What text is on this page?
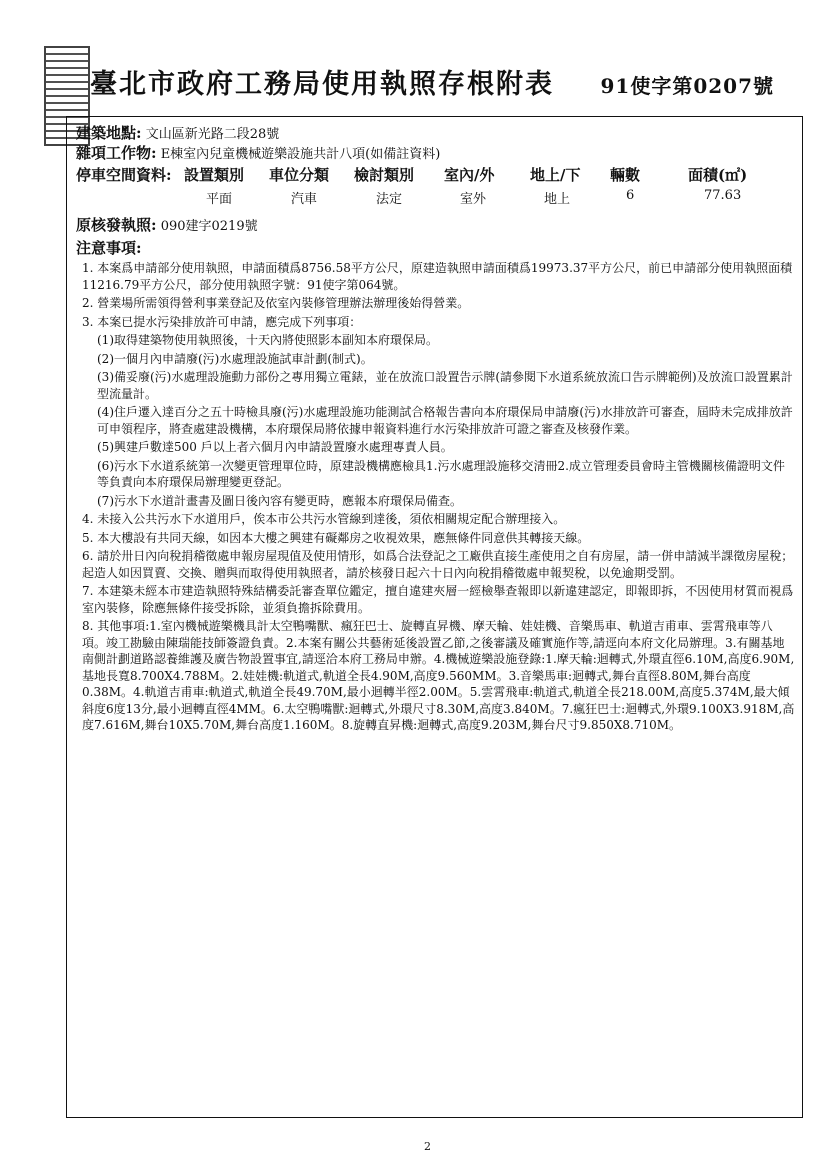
臺北市政府工務局使用執照存根附表 91使字第0207號
建築地點: 文山區新光路二段28號
雜項工作物: E棟室內兒童機械遊樂設施共計八項(如備註資料)
停車空間資料: 設置類別 車位分類 檢討類別 室內/外 地上/下 輛數	面積(㎡)
平面	汽車	法定	室外	地上	6	77.63
原核發執照: 090建字0219號
注意事項:
1. 本案爲申請部分使用執照，申請面積爲8756.58平方公尺，原建造執照申請面積爲19973.37平方公尺，前已申請部分使用執照面積11216.79平方公尺，部分使用執照字號：91使字第064號。
2. 營業場所需領得營利事業登記及依室內裝修管理辦法辦理後始得營業。
3. 本案已提水污染排放許可申請，應完成下列事項：
(1)取得建築物使用執照後，十天內將使照影本副知本府環保局。
(2)一個月內申請廢(污)水處理設施試車計劃(制式)。
(3)備妥廢(污)水處理設施動力部份之專用獨立電錶，並在放流口設置告示牌(請參閱下水道系統放流口告示牌範例)及放流口設置累計型流量計。
(4)住戶遷入達百分之五十時檢具廢(污)水處理設施功能測試合格報告書向本府環保局申請廢(污)水排放許可審查，屆時未完成排放許可申領程序，將查處建設機構，本府環保局將依據申報資料進行水污染排放許可證之審查及核發作業。
(5)興建戶數達500 戶以上者六個月內申請設置廢水處理專責人員。
(6)污水下水道系統第一次變更管理單位時，原建設機構應檢具1.污水處理設施移交清冊2.成立管理委員會時主管機關核備證明文件等負責向本府環保局辦理變更登記。
(7)污水下水道計畫書及圖日後內容有變更時，應報本府環保局備查。
4. 未接入公共污水下水道用戶，俟本市公共污水管線到達後，須依相關規定配合辦理接入。
5. 本大樓設有共同天線，如因本大樓之興建有礙鄰房之收視效果，應無條件同意供其轉接天線。
6. 請於卅日內向稅捐稽徵處申報房屋現值及使用情形，如爲合法登記之工廠供直接生產使用之自有房屋，請一併申請減半課徵房屋稅；起造人如因買賣、交換、贈與而取得使用執照者，請於核發日起六十日內向稅捐稽徵處申報契稅，以免逾期受罰。
7. 本建築未經本市建造執照特殊結構委託審查單位鑑定，擅自違建夾層一經檢舉查報即以新違建認定，即報即拆，不因使用材質而視爲室內裝修，除應無條件接受拆除，並須負擔拆除費用。
8. 其他事項:1.室內機械遊樂機具計太空鴨嘴獸、瘋狂巴士、旋轉直昇機、摩天輪、娃娃機、音樂馬車、軌道吉甫車、雲霄飛車等八項。竣工勘驗由陳瑞能技師簽證負責。2.本案有關公共藝術延後設置乙節,之後審議及確實施作等,請逕向本府文化局辦理。3.有關基地南側計劃道路認養維護及廣告物設置事宜,請逕洽本府工務局申辦。4.機械遊樂設施登錄:1.摩天輪:迴轉式,外環直徑6.10M,高度6.90M,基地長寬8.700X4.788M。2.娃娃機:軌道式,軌道全長4.90M,高度9.560MM。3.音樂馬車:迴轉式,舞台直徑8.80M,舞台高度0.38M。4.軌道吉甫車:軌道式,軌道全長49.70M,最小迴轉半徑2.00M。5.雲霄飛車:軌道式,軌道全長218.00M,高度5.374M,最大傾斜度6度13分,最小迴轉直徑4MM。6.太空鴨嘴獸:迴轉式,外環尺寸8.30M,高度3.840M。7.瘋狂巴士:迴轉式,外環9.100X3.918M,高度7.616M,舞台10X5.70M,舞台高度1.160M。8.旋轉直昇機:迴轉式,高度9.203M,舞台尺寸9.850X8.710M。
2
